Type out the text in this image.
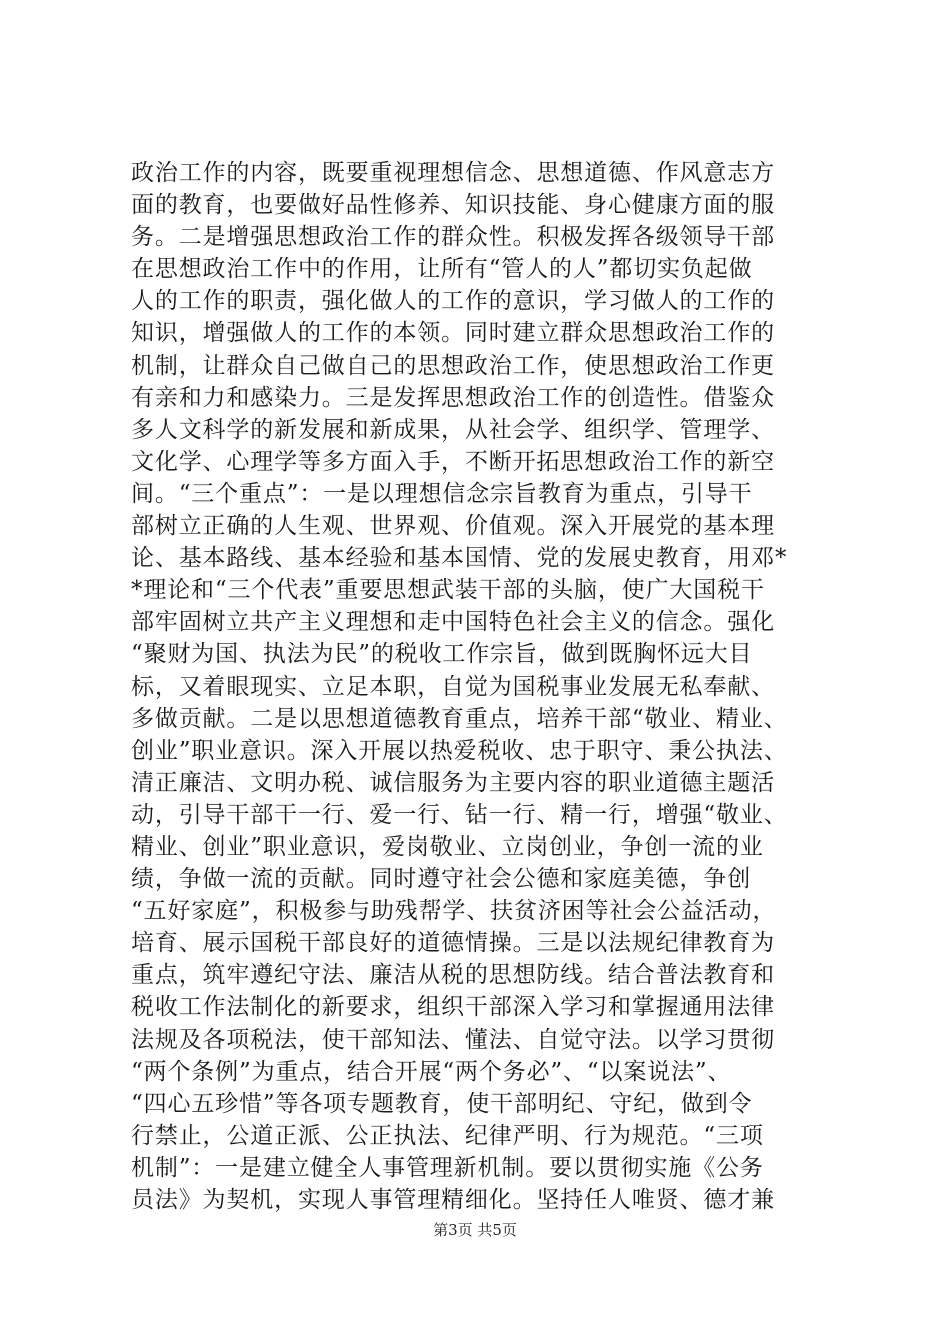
政治工作的内容，既要重视理想信念、思想道德、作风意志方
面的教育，也要做好品性修养、知识技能、身心健康方面的服
务。二是增强思想政治工作的群众性。积极发挥各级领导干部
在思想政治工作中的作用，让所有“管人的人”都切实负起做
人的工作的职责，强化做人的工作的意识，学习做人的工作的
知识，增强做人的工作的本领。同时建立群众思想政治工作的
机制，让群众自己做自己的思想政治工作，使思想政治工作更
有亲和力和感染力。三是发挥思想政治工作的创造性。借鉴众
多人文科学的新发展和新成果，从社会学、组织学、管理学、
文化学、心理学等多方面入手，不断开拓思想政治工作的新空
间。“三个重点”：一是以理想信念宗旨教育为重点，引导干
部树立正确的人生观、世界观、价值观。深入开展党的基本理
论、基本路线、基本经验和基本国情、党的发展史教育，用邓*
*理论和“三个代表”重要思想武装干部的头脑，使广大国税干
部牢固树立共产主义理想和走中国特色社会主义的信念。强化
“聚财为国、执法为民”的税收工作宗旨，做到既胸怀远大目
标，又着眼现实、立足本职，自觉为国税事业发展无私奉献、
多做贡献。二是以思想道德教育重点，培养干部“敬业、精业、
创业”职业意识。深入开展以热爱税收、忠于职守、秉公执法、
清正廉洁、文明办税、诚信服务为主要内容的职业道德主题活
动，引导干部干一行、爱一行、钻一行、精一行，增强“敬业、
精业、创业”职业意识，爱岗敬业、立岗创业，争创一流的业
绩，争做一流的贡献。同时遵守社会公德和家庭美德，争创
“五好家庭”，积极参与助残帮学、扶贫济困等社会公益活动，
培育、展示国税干部良好的道德情操。三是以法规纪律教育为
重点，筑牢遵纪守法、廉洁从税的思想防线。结合普法教育和
税收工作法制化的新要求，组织干部深入学习和掌握通用法律
法规及各项税法，使干部知法、懂法、自觉守法。以学习贯彻
“两个条例”为重点，结合开展“两个务必”、“以案说法”、
“四心五珍惜”等各项专题教育，使干部明纪、守纪，做到令
行禁止，公道正派、公正执法、纪律严明、行为规范。“三项
机制”：一是建立健全人事管理新机制。要以贯彻实施《公务
员法》为契机，实现人事管理精细化。坚持任人唯贤、德才兼
第3页 共5页
